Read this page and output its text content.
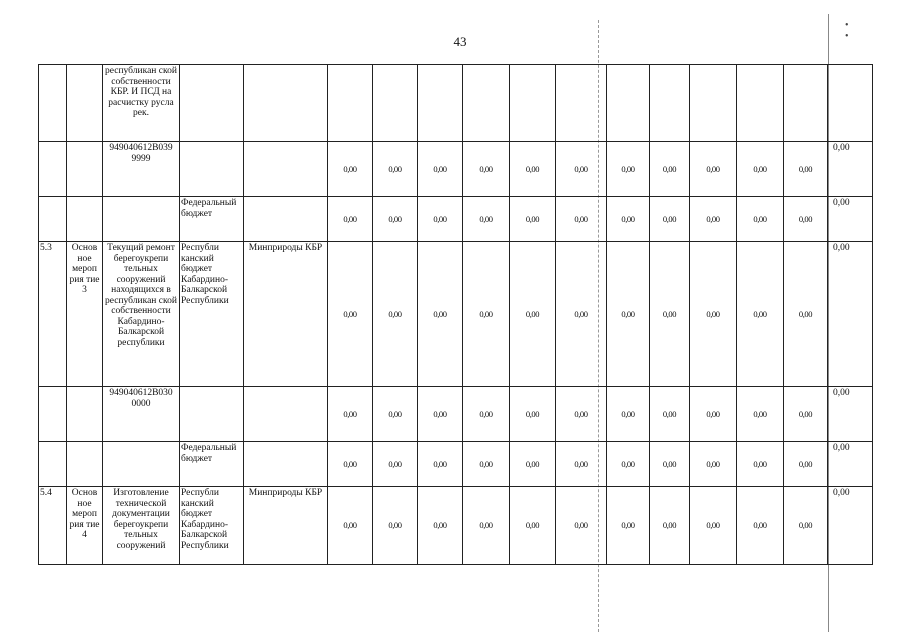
43
• •
		республикан ской собственности КБР. И ПСД на расчистку русла рек.														
		949040612B039 9999			0,00	0,00	0,00	0,00	0,00	0,00	0,00	0,00	0,00	0,00	0,00	0,00
			Федеральный бюджет		0,00	0,00	0,00	0,00	0,00	0,00	0,00	0,00	0,00	0,00	0,00	0,00
5.3	Основ ное мероп рия тие 3	Текущий ремонт берегоукрепи тельных сооружений находящихся в республикан ской собственности Кабардино-Балкарской республики	Республи канский бюджет Кабардино-Балкарской Республики	Минприроды КБР	0,00	0,00	0,00	0,00	0,00	0,00	0,00	0,00	0,00	0,00	0,00	0,00
		949040612B030 0000			0,00	0,00	0,00	0,00	0,00	0,00	0,00	0,00	0,00	0,00	0,00	0,00
			Федеральный бюджет		0,00	0,00	0,00	0,00	0,00	0,00	0,00	0,00	0,00	0,00	0,00	0,00
5.4	Основ ное мероп рия тие 4	Изготовление технической документации берегоукрепи тельных сооружений	Республи канский бюджет Кабардино-Балкарской Республики	Минприроды КБР	0,00	0,00	0,00	0,00	0,00	0,00	0,00	0,00	0,00	0,00	0,00	0,00
